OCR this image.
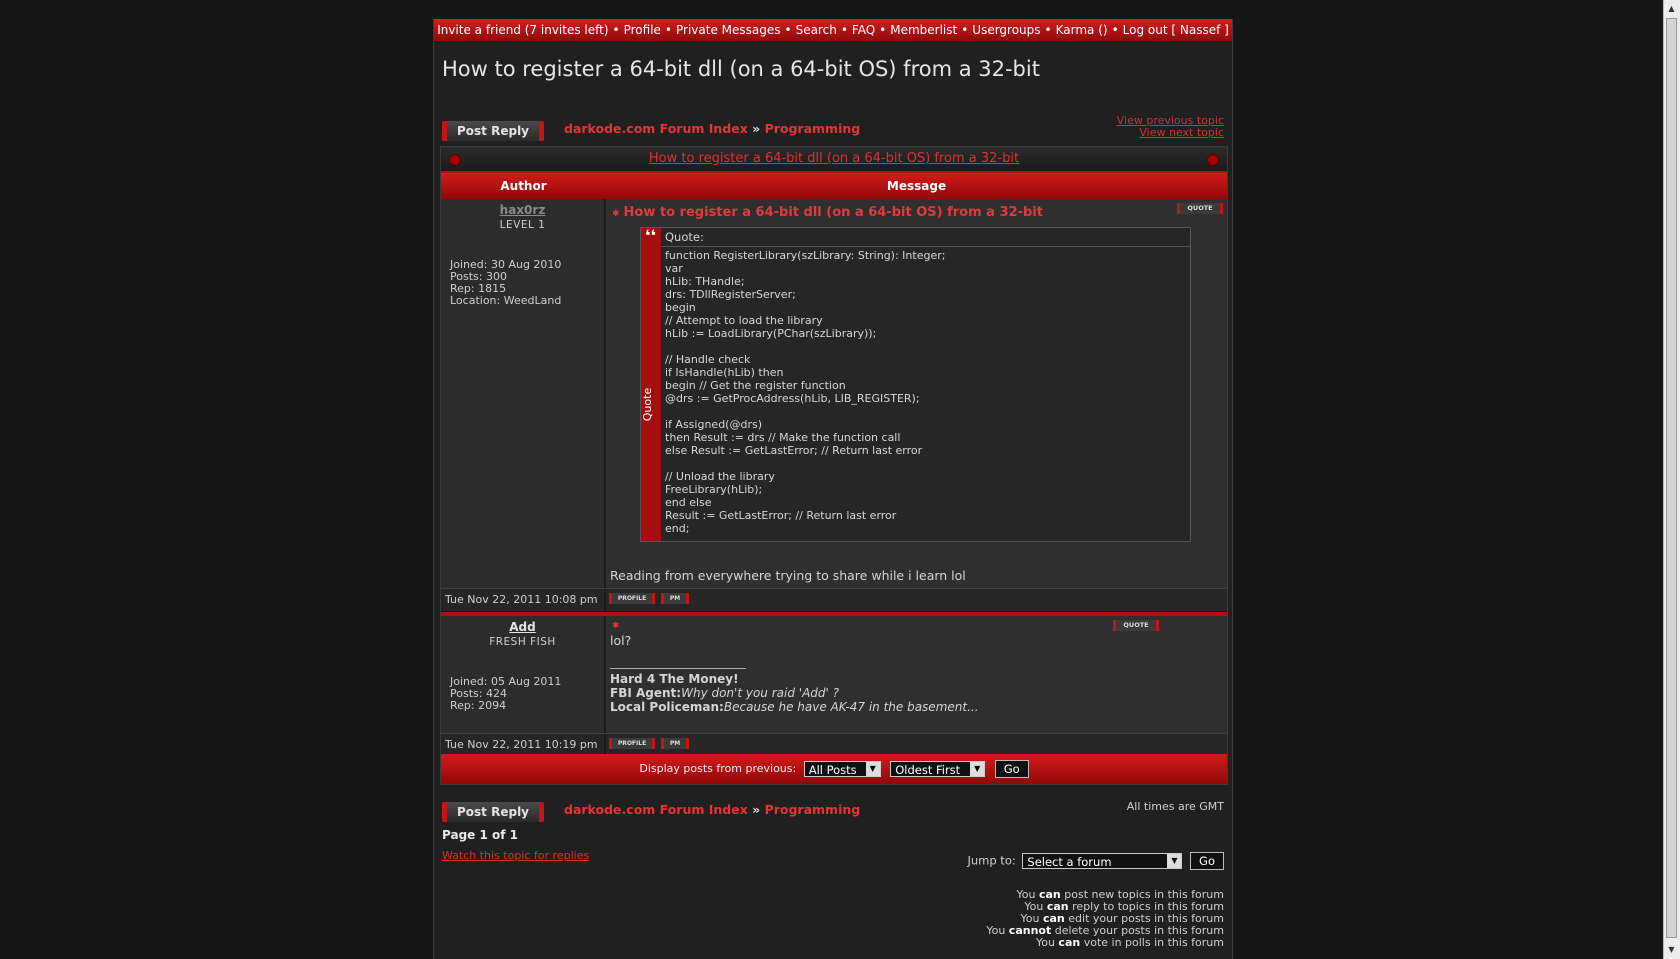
Invite a friend (7 invites left) • Profile • Private Messages • Search • FAQ • Memberlist • Usergroups • Karma () • Log out [ Nassef ]
How to register a 64-bit dll (on a 64-bit OS) from a 32-bit
Post Reply	darkode.com Forum Index » Programming
View previous topic
View next topic
How to register a 64-bit dll (on a 64-bit OS) from a 32-bit
Author	Message
hax0rz
LEVEL 1
Joined: 30 Aug 2010
Posts: 300
Rep: 1815
Location: WeedLand
✱ How to register a 64-bit dll (on a 64-bit OS) from a 32-bit	QUOTE
❛❛
Quote
Quote:
function RegisterLibrary(szLibrary: String): Integer;
var
hLib: THandle;
drs: TDllRegisterServer;
begin
// Attempt to load the library
hLib := LoadLibrary(PChar(szLibrary));

// Handle check
if IsHandle(hLib) then
begin // Get the register function
@drs := GetProcAddress(hLib, LIB_REGISTER);

if Assigned(@drs)
then Result := drs // Make the function call
else Result := GetLastError; // Return last error

// Unload the library
FreeLibrary(hLib);
end else
Result := GetLastError; // Return last error
end;
Reading from everywhere trying to share while i learn lol
Tue Nov 22, 2011 10:08 pm	PROFILE	PM
Add
FRESH FISH
Joined: 05 Aug 2011
Posts: 424
Rep: 2094
✱	QUOTE
lol?
Hard 4 The Money!
FBI Agent:Why don't you raid 'Add' ?
Local Policeman:Because he have AK-47 in the basement...
Tue Nov 22, 2011 10:19 pm	PROFILE	PM
Display posts from previous: All Posts	▼	Oldest First	▼	Go
Post Reply	darkode.com Forum Index » Programming	All times are GMT
Page 1 of 1
Watch this topic for replies	Jump to: Select a forum	▼	Go
You can post new topics in this forum
You can reply to topics in this forum
You can edit your posts in this forum
You cannot delete your posts in this forum
You can vote in polls in this forum
▲
▼
